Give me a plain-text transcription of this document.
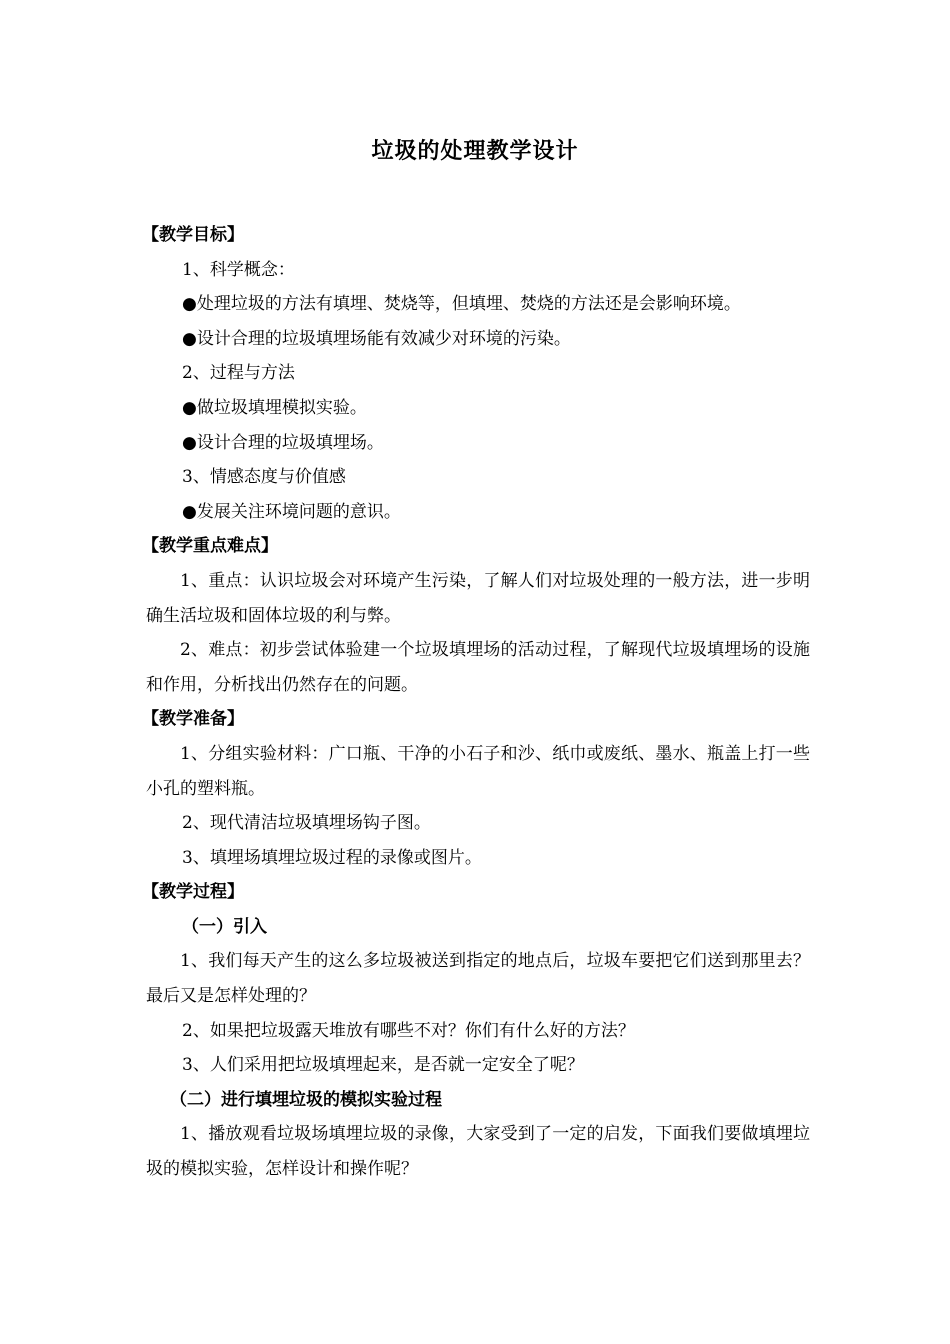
垃圾的处理教学设计
【教学目标】
1、科学概念：
●处理垃圾的方法有填埋、焚烧等，但填埋、焚烧的方法还是会影响环境。
●设计合理的垃圾填埋场能有效减少对环境的污染。
2、过程与方法
●做垃圾填埋模拟实验。
●设计合理的垃圾填埋场。
3、情感态度与价值感
●发展关注环境问题的意识。
【教学重点难点】
1、重点：认识垃圾会对环境产生污染，了解人们对垃圾处理的一般方法，进一步明确生活垃圾和固体垃圾的利与弊。
2、难点：初步尝试体验建一个垃圾填埋场的活动过程，了解现代垃圾填埋场的设施和作用，分析找出仍然存在的问题。
【教学准备】
1、分组实验材料：广口瓶、干净的小石子和沙、纸巾或废纸、墨水、瓶盖上打一些小孔的塑料瓶。
2、现代清洁垃圾填埋场钩子图。
3、填埋场填埋垃圾过程的录像或图片。
【教学过程】
（一）引入
1、我们每天产生的这么多垃圾被送到指定的地点后，垃圾车要把它们送到那里去？最后又是怎样处理的？
2、如果把垃圾露天堆放有哪些不对？你们有什么好的方法？
3、人们采用把垃圾填埋起来，是否就一定安全了呢？
（二）进行填埋垃圾的模拟实验过程
1、播放观看垃圾场填埋垃圾的录像，大家受到了一定的启发，下面我们要做填埋垃圾的模拟实验，怎样设计和操作呢？
